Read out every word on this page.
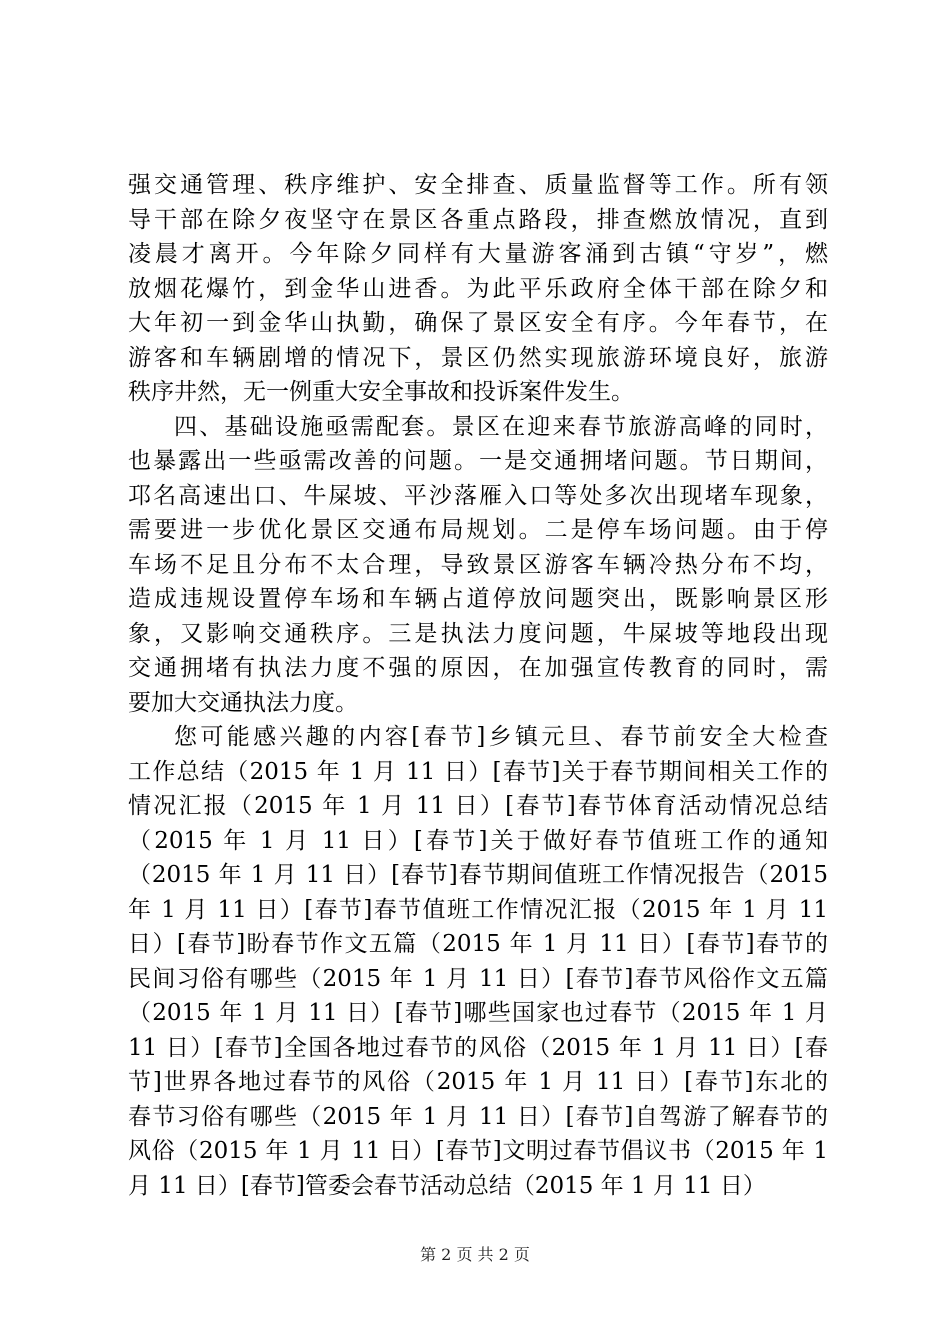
强交通管理、秩序维护、安全排查、质量监督等工作。所有领
导干部在除夕夜坚守在景区各重点路段，排查燃放情况，直到
凌晨才离开。今年除夕同样有大量游客涌到古镇“守岁”，燃
放烟花爆竹，到金华山进香。为此平乐政府全体干部在除夕和
大年初一到金华山执勤，确保了景区安全有序。今年春节，在
游客和车辆剧增的情况下，景区仍然实现旅游环境良好，旅游
秩序井然，无一例重大安全事故和投诉案件发生。
四、基础设施亟需配套。景区在迎来春节旅游高峰的同时，
也暴露出一些亟需改善的问题。一是交通拥堵问题。节日期间，
邛名高速出口、牛屎坡、平沙落雁入口等处多次出现堵车现象，
需要进一步优化景区交通布局规划。二是停车场问题。由于停
车场不足且分布不太合理，导致景区游客车辆冷热分布不均，
造成违规设置停车场和车辆占道停放问题突出，既影响景区形
象，又影响交通秩序。三是执法力度问题，牛屎坡等地段出现
交通拥堵有执法力度不强的原因，在加强宣传教育的同时，需
要加大交通执法力度。
您可能感兴趣的内容[春节]乡镇元旦、春节前安全大检查
工作总结（2015 年 1 月 11 日）[春节]关于春节期间相关工作的
情况汇报（2015 年 1 月 11 日）[春节]春节体育活动情况总结
（2015 年 1 月 11 日）[春节]关于做好春节值班工作的通知
（2015 年 1 月 11 日）[春节]春节期间值班工作情况报告（2015
年 1 月 11 日）[春节]春节值班工作情况汇报（2015 年 1 月 11
日）[春节]盼春节作文五篇（2015 年 1 月 11 日）[春节]春节的
民间习俗有哪些（2015 年 1 月 11 日）[春节]春节风俗作文五篇
（2015 年 1 月 11 日）[春节]哪些国家也过春节（2015 年 1 月
11 日）[春节]全国各地过春节的风俗（2015 年 1 月 11 日）[春
节]世界各地过春节的风俗（2015 年 1 月 11 日）[春节]东北的
春节习俗有哪些（2015 年 1 月 11 日）[春节]自驾游了解春节的
风俗（2015 年 1 月 11 日）[春节]文明过春节倡议书（2015 年 1
月 11 日）[春节]管委会春节活动总结（2015 年 1 月 11 日）
第 2 页 共 2 页
